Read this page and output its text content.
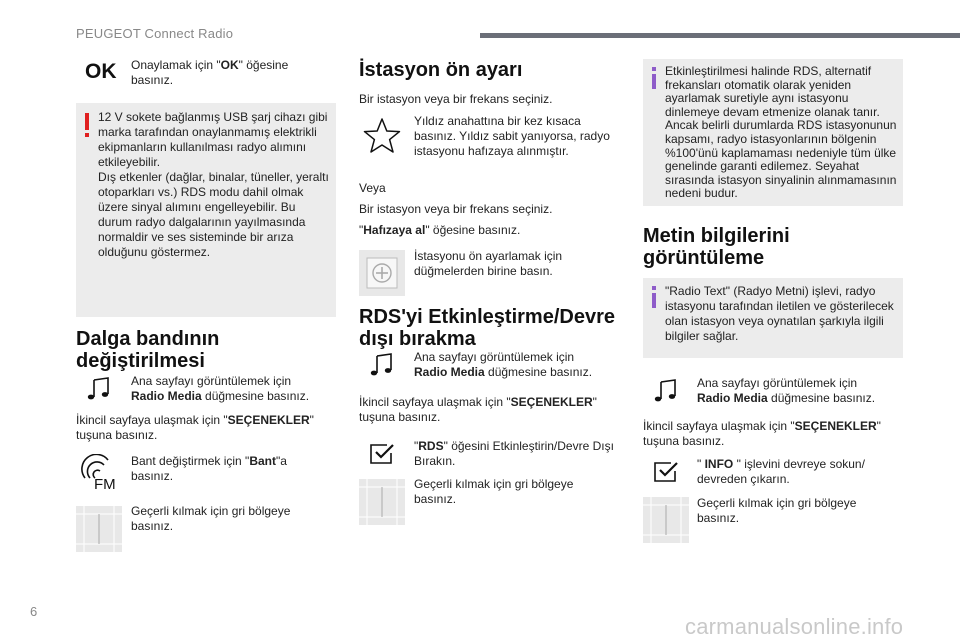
PEUGEOT Connect Radio
OK Onaylamak için "OK" öğesine basınız.
12 V sokete bağlanmış USB şarj cihazı gibi marka tarafından onaylanmamış elektrikli ekipmanların kullanılması radyo alımını etkileyebilir.
Dış etkenler (dağlar, binalar, tüneller, yeraltı otoparkları vs.) RDS modu dahil olmak üzere sinyal alımını engelleyebilir. Bu durum radyo dalgalarının yayılmasında normaldir ve ses sisteminde bir arıza olduğunu göstermez.
Dalga bandının değiştirilmesi
Ana sayfayı görüntülemek için
Radio Media düğmesine basınız.
İkincil sayfaya ulaşmak için "SEÇENEKLER" tuşuna basınız.
FM
Bant değiştirmek için "Bant"a basınız.
Geçerli kılmak için gri bölgeye basınız.
İstasyon ön ayarı
Bir istasyon veya bir frekans seçiniz.
Yıldız anahattına bir kez kısaca basınız. Yıldız sabit yanıyorsa, radyo istasyonu hafızaya alınmıştır.
Veya
Bir istasyon veya bir frekans seçiniz.
"Hafızaya al" öğesine basınız.
İstasyonu ön ayarlamak için düğmelerden birine basın.
RDS'yi Etkinleştirme/Devre dışı bırakma
Ana sayfayı görüntülemek için
Radio Media düğmesine basınız.
İkincil sayfaya ulaşmak için "SEÇENEKLER" tuşuna basınız.
"RDS" öğesini Etkinleştirin/Devre Dışı Bırakın.
Geçerli kılmak için gri bölgeye basınız.
Etkinleştirilmesi halinde RDS, alternatif frekansları otomatik olarak yeniden ayarlamak suretiyle aynı istasyonu dinlemeye devam etmenize olanak tanır. Ancak belirli durumlarda RDS istasyonunun kapsamı, radyo istasyonlarının bölgenin %100'ünü kaplamaması nedeniyle tüm ülke genelinde garanti edilemez. Seyahat sırasında istasyon sinyalinin alınmamasının nedeni budur.
Metin bilgilerini görüntüleme
"Radio Text" (Radyo Metni) işlevi, radyo istasyonu tarafından iletilen ve gösterilecek olan istasyon veya oynatılan şarkıyla ilgili bilgiler sağlar.
Ana sayfayı görüntülemek için
Radio Media düğmesine basınız.
İkincil sayfaya ulaşmak için "SEÇENEKLER" tuşuna basınız.
" INFO " işlevini devreye sokun/ devreden çıkarın.
Geçerli kılmak için gri bölgeye basınız.
6
carmanualsonline.info
